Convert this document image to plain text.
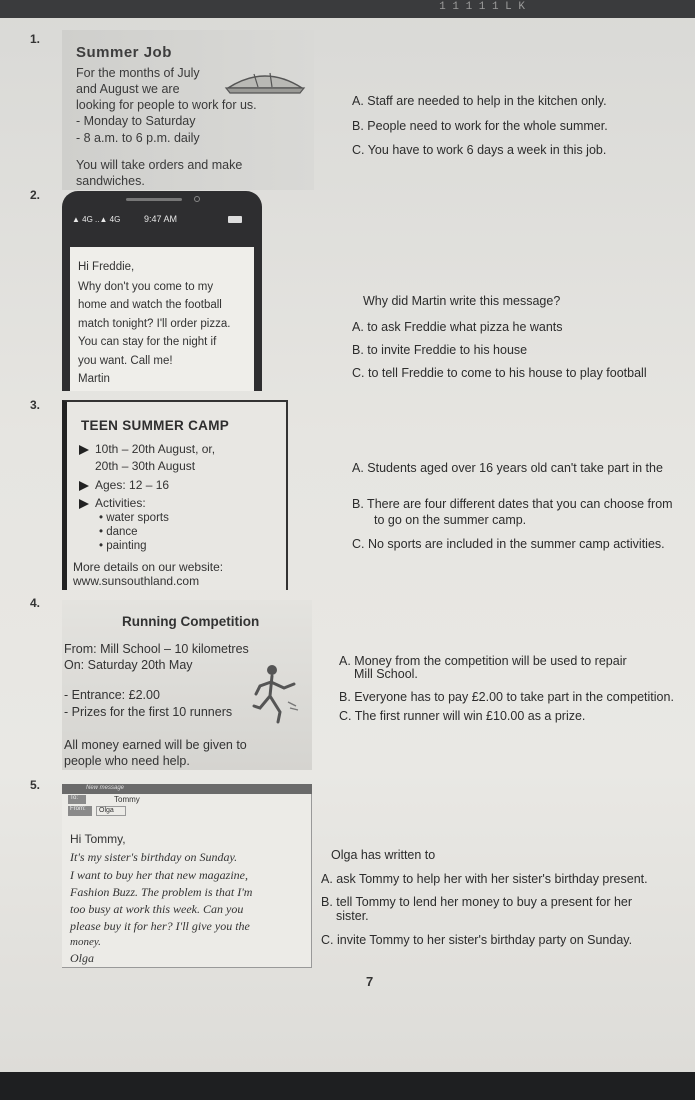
1 1 1 1 1 L K
1.
Summer Job
For the months of July
and August we are
looking for people to work for us.
- Monday to Saturday
- 8 a.m. to 6 p.m. daily
You will take orders and make
sandwiches.
A. Staff are needed to help in the kitchen only.
B. People need to work for the whole summer.
C. You have to work 6 days a week in this job.
2.
▲ 4G ..▲ 4G	9:47 AM
Hi Freddie,
Why don't you come to my
home and watch the football
match tonight? I'll order pizza.
You can stay for the night if
you want. Call me!
Martin
Why did Martin write this message?
A. to ask Freddie what pizza he wants
B. to invite Freddie to his house
C. to tell Freddie to come to his house to play football
3.
TEEN SUMMER CAMP
10th – 20th August, or,
20th – 30th August
Ages: 12 – 16
Activities:
• water sports
• dance
• painting
More details on our website:
www.sunsouthland.com
A. Students aged over 16 years old can't take part in the
B. There are four different dates that you can choose from
to go on the summer camp.
C. No sports are included in the summer camp activities.
4.
Running Competition
From: Mill School – 10 kilometres
On: Saturday 20th May
- Entrance: £2.00
- Prizes for the first 10 runners
All money earned will be given to
people who need help.
A. Money from the competition will be used to repair
Mill School.
B. Everyone has to pay £2.00 to take part in the competition.
C. The first runner will win £10.00 as a prize.
5.	New message
To:	Tommy
From:	Olga
Hi Tommy,
It's my sister's birthday on Sunday.
I want to buy her that new magazine,
Fashion Buzz. The problem is that I'm
too busy at work this week. Can you
please buy it for her? I'll give you the
money.
Olga
Olga has written to
A. ask Tommy to help her with her sister's birthday present.
B. tell Tommy to lend her money to buy a present for her
sister.
C. invite Tommy to her sister's birthday party on Sunday.
7
